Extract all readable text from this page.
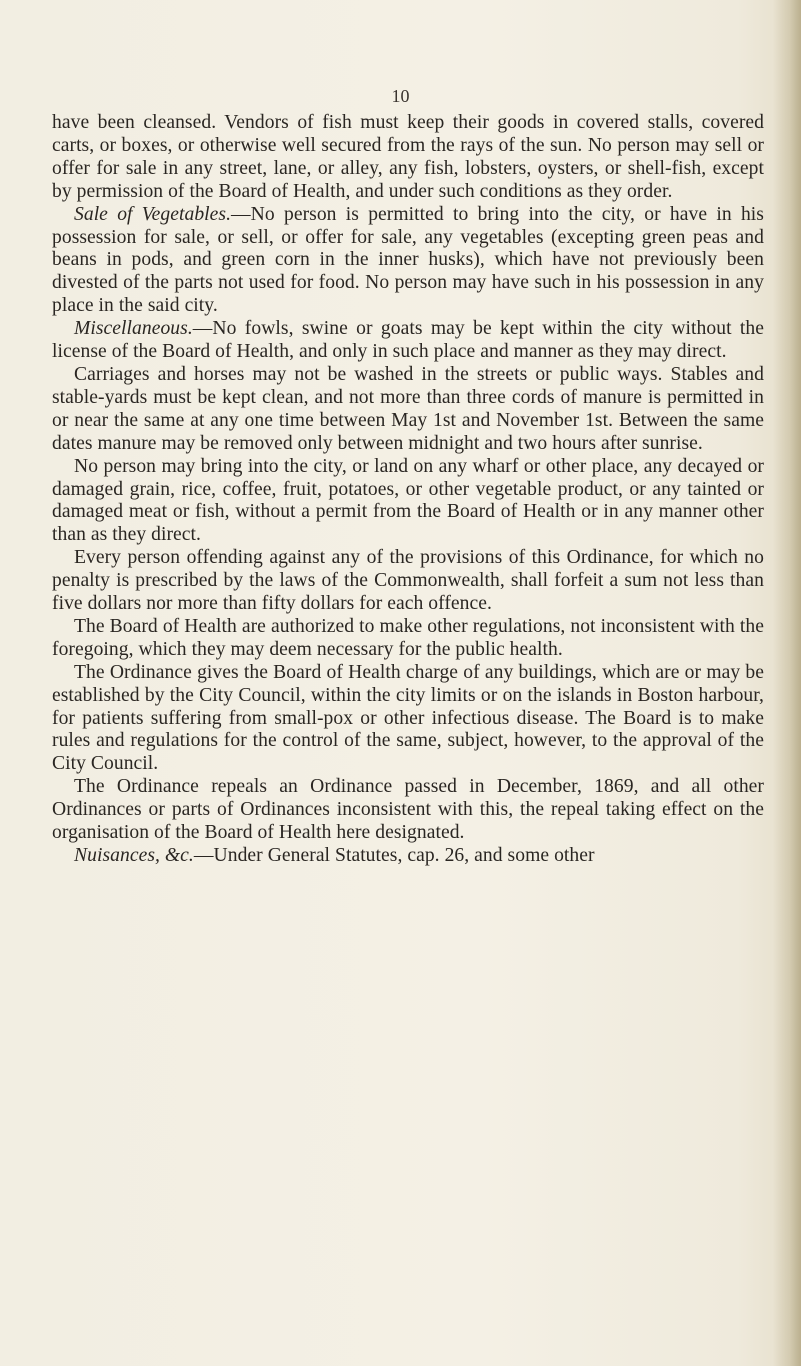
10

have been cleansed. Vendors of fish must keep their goods in covered stalls, covered carts, or boxes, or otherwise well secured from the rays of the sun. No person may sell or offer for sale in any street, lane, or alley, any fish, lobsters, oysters, or shell-fish, except by permission of the Board of Health, and under such conditions as they order.

Sale of Vegetables.—No person is permitted to bring into the city, or have in his possession for sale, or sell, or offer for sale, any vegetables (excepting green peas and beans in pods, and green corn in the inner husks), which have not previously been divested of the parts not used for food. No person may have such in his possession in any place in the said city.

Miscellaneous.—No fowls, swine or goats may be kept within the city without the license of the Board of Health, and only in such place and manner as they may direct.

Carriages and horses may not be washed in the streets or public ways. Stables and stable-yards must be kept clean, and not more than three cords of manure is permitted in or near the same at any one time between May 1st and November 1st. Between the same dates manure may be removed only between midnight and two hours after sunrise.

No person may bring into the city, or land on any wharf or other place, any decayed or damaged grain, rice, coffee, fruit, potatoes, or other vegetable product, or any tainted or damaged meat or fish, without a permit from the Board of Health or in any manner other than as they direct.

Every person offending against any of the provisions of this Ordinance, for which no penalty is prescribed by the laws of the Commonwealth, shall forfeit a sum not less than five dollars nor more than fifty dollars for each offence.

The Board of Health are authorized to make other regulations, not inconsistent with the foregoing, which they may deem necessary for the public health.

The Ordinance gives the Board of Health charge of any buildings, which are or may be established by the City Council, within the city limits or on the islands in Boston harbour, for patients suffering from small-pox or other infectious disease. The Board is to make rules and regulations for the control of the same, subject, however, to the approval of the City Council.

The Ordinance repeals an Ordinance passed in December, 1869, and all other Ordinances or parts of Ordinances inconsistent with this, the repeal taking effect on the organisation of the Board of Health here designated.

Nuisances, &c.—Under General Statutes, cap. 26, and some other
